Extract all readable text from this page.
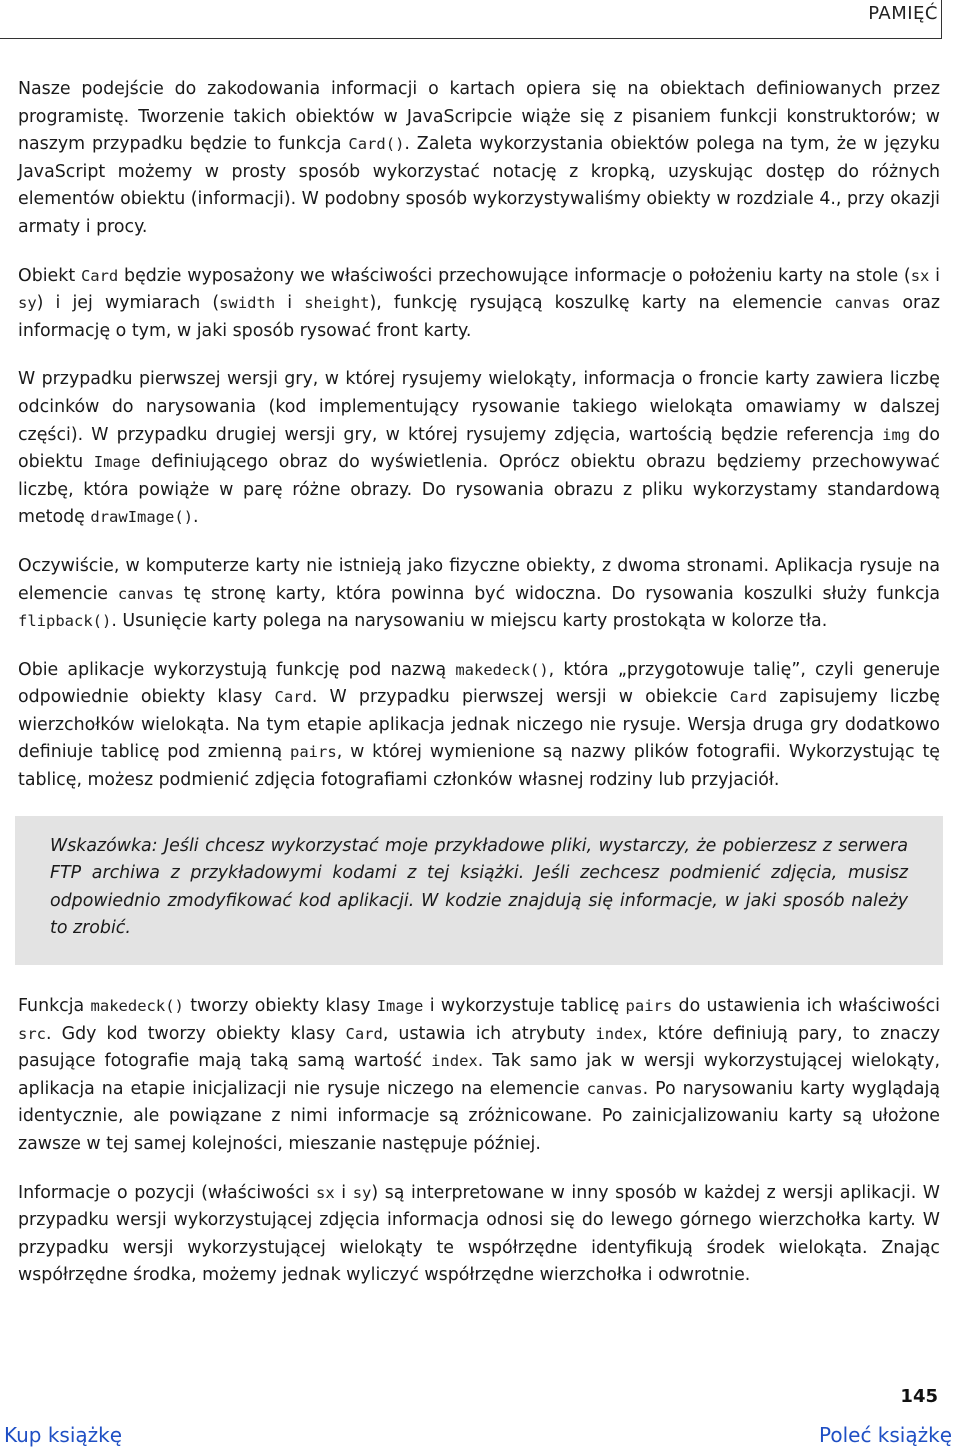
PAMIĘĆ

Nasze podejście do zakodowania informacji o kartach opiera się na obiektach definiowanych przez programistę. Tworzenie takich obiektów w JavaScripcie wiąże się z pisaniem funkcji konstruktorów; w naszym przypadku będzie to funkcja Card(). Zaleta wykorzystania obiektów polega na tym, że w języku JavaScript możemy w prosty sposób wykorzystać notację z kropką, uzyskując dostęp do różnych elementów obiektu (informacji). W podobny sposób wykorzystywaliśmy obiekty w rozdziale 4., przy okazji armaty i procy.

Obiekt Card będzie wyposażony we właściwości przechowujące informacje o położeniu karty na stole (sx i sy) i jej wymiarach (swidth i sheight), funkcję rysującą koszulkę karty na elemencie canvas oraz informację o tym, w jaki sposób rysować front karty.

W przypadku pierwszej wersji gry, w której rysujemy wielokąty, informacja o froncie karty zawiera liczbę odcinków do narysowania (kod implementujący rysowanie takiego wielokąta omawiamy w dalszej części). W przypadku drugiej wersji gry, w której rysujemy zdjęcia, wartością będzie referencja img do obiektu Image definiującego obraz do wyświetlenia. Oprócz obiektu obrazu będziemy przechowywać liczbę, która powiąże w parę różne obrazy. Do rysowania obrazu z pliku wykorzystamy standardową metodę drawImage().

Oczywiście, w komputerze karty nie istnieją jako fizyczne obiekty, z dwoma stronami. Aplikacja rysuje na elemencie canvas tę stronę karty, która powinna być widoczna. Do rysowania koszulki służy funkcja flipback(). Usunięcie karty polega na narysowaniu w miejscu karty prostokąta w kolorze tła.

Obie aplikacje wykorzystują funkcję pod nazwą makedeck(), która „przygotowuje talię”, czyli generuje odpowiednie obiekty klasy Card. W przypadku pierwszej wersji w obiekcie Card zapisujemy liczbę wierzchołków wielokąta. Na tym etapie aplikacja jednak niczego nie rysuje. Wersja druga gry dodatkowo definiuje tablicę pod zmienną pairs, w której wymienione są nazwy plików fotografii. Wykorzystując tę tablicę, możesz podmienić zdjęcia fotografiami członków własnej rodziny lub przyjaciół.

Wskazówka: Jeśli chcesz wykorzystać moje przykładowe pliki, wystarczy, że pobierzesz z serwera FTP archiwa z przykładowymi kodami z tej książki. Jeśli zechcesz podmienić zdjęcia, musisz odpowiednio zmodyfikować kod aplikacji. W kodzie znajdują się informacje, w jaki sposób należy to zrobić.

Funkcja makedeck() tworzy obiekty klasy Image i wykorzystuje tablicę pairs do ustawienia ich właściwości src. Gdy kod tworzy obiekty klasy Card, ustawia ich atrybuty index, które definiują pary, to znaczy pasujące fotografie mają taką samą wartość index. Tak samo jak w wersji wykorzystującej wielokąty, aplikacja na etapie inicjalizacji nie rysuje niczego na elemencie canvas. Po narysowaniu karty wyglądają identycznie, ale powiązane z nimi informacje są zróżnicowane. Po zainicjalizowaniu karty są ułożone zawsze w tej samej kolejności, mieszanie następuje później.

Informacje o pozycji (właściwości sx i sy) są interpretowane w inny sposób w każdej z wersji aplikacji. W przypadku wersji wykorzystującej zdjęcia informacja odnosi się do lewego górnego wierzchołka karty. W przypadku wersji wykorzystującej wielokąty te współrzędne identyfikują środek wielokąta. Znając współrzędne środka, możemy jednak wyliczyć współrzędne wierzchołka i odwrotnie.

145
Kup książkę	Poleć książkę
